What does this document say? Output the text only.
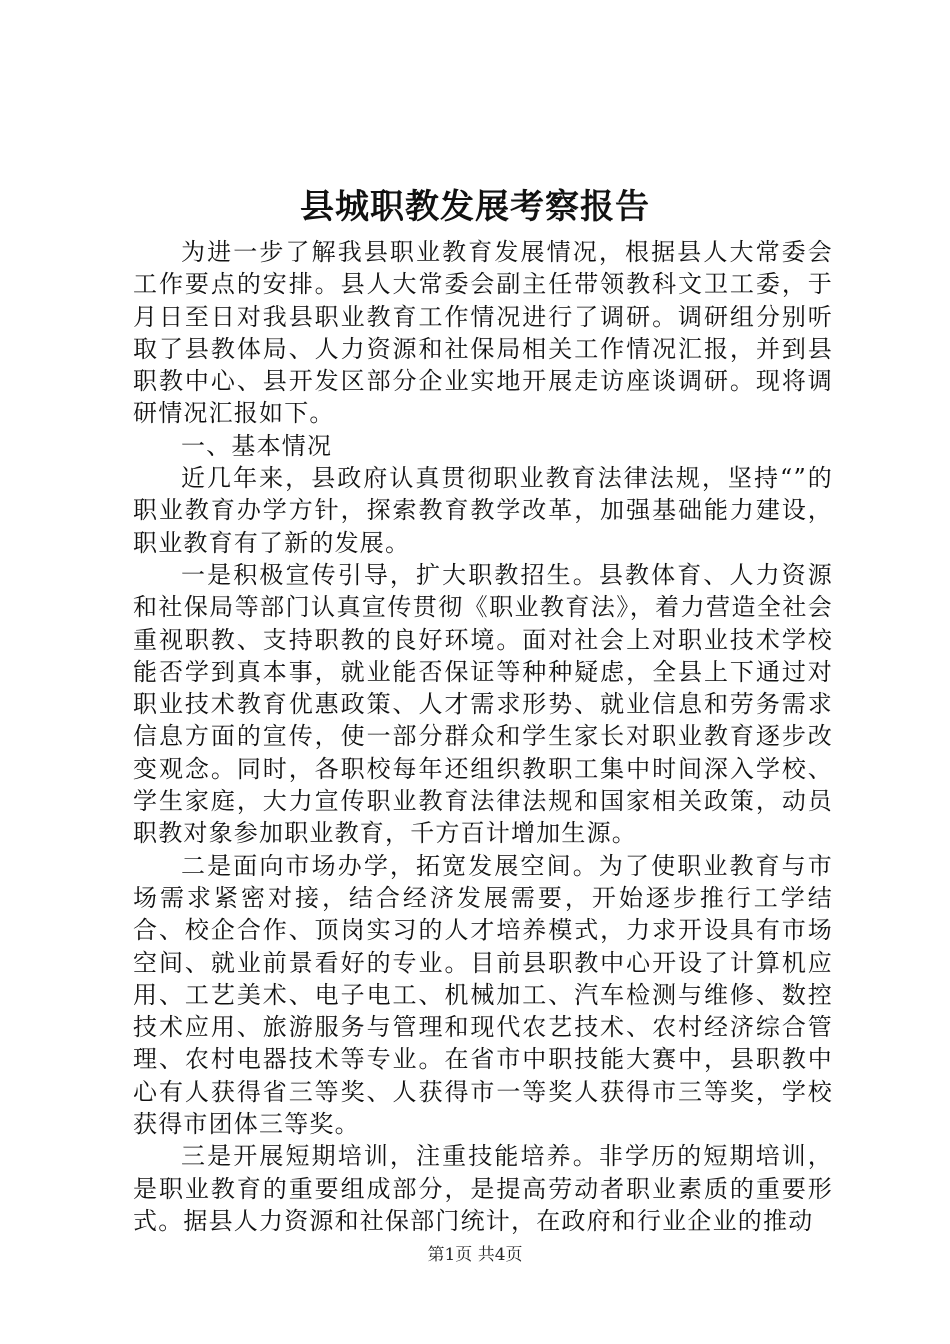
县城职教发展考察报告

为进一步了解我县职业教育发展情况，根据县人大常委会工作要点的安排。县人大常委会副主任带领教科文卫工委，于月日至日对我县职业教育工作情况进行了调研。调研组分别听取了县教体局、人力资源和社保局相关工作情况汇报，并到县职教中心、县开发区部分企业实地开展走访座谈调研。现将调研情况汇报如下。

一、基本情况

近几年来，县政府认真贯彻职业教育法律法规，坚持“”的职业教育办学方针，探索教育教学改革，加强基础能力建设，职业教育有了新的发展。

一是积极宣传引导，扩大职教招生。县教体育、人力资源和社保局等部门认真宣传贯彻《职业教育法》，着力营造全社会重视职教、支持职教的良好环境。面对社会上对职业技术学校能否学到真本事，就业能否保证等种种疑虑，全县上下通过对职业技术教育优惠政策、人才需求形势、就业信息和劳务需求信息方面的宣传，使一部分群众和学生家长对职业教育逐步改变观念。同时，各职校每年还组织教职工集中时间深入学校、学生家庭，大力宣传职业教育法律法规和国家相关政策，动员职教对象参加职业教育，千方百计增加生源。

二是面向市场办学，拓宽发展空间。为了使职业教育与市场需求紧密对接，结合经济发展需要，开始逐步推行工学结合、校企合作、顶岗实习的人才培养模式，力求开设具有市场空间、就业前景看好的专业。目前县职教中心开设了计算机应用、工艺美术、电子电工、机械加工、汽车检测与维修、数控技术应用、旅游服务与管理和现代农艺技术、农村经济综合管理、农村电器技术等专业。在省市中职技能大赛中，县职教中心有人获得省三等奖、人获得市一等奖人获得市三等奖，学校获得市团体三等奖。

三是开展短期培训，注重技能培养。非学历的短期培训，是职业教育的重要组成部分，是提高劳动者职业素质的重要形式。据县人力资源和社保部门统计，在政府和行业企业的推动

第1页 共4页
